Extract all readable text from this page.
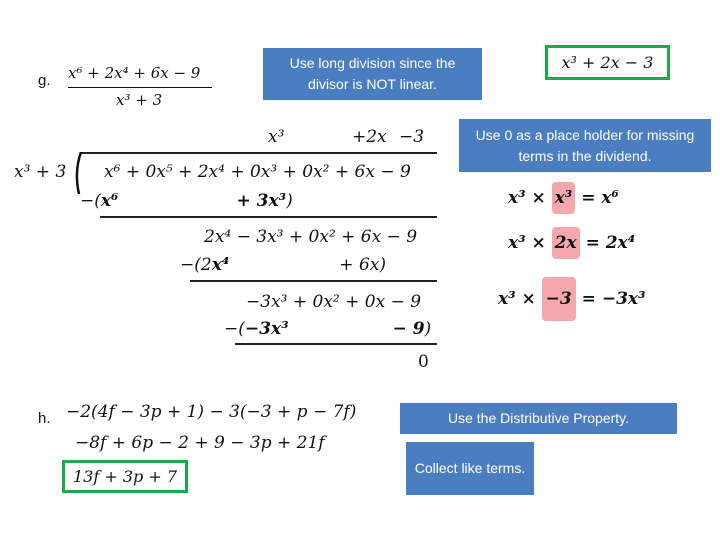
g. x⁶ + 2x⁴ + 6x − 9
x³ + 3
Use long division since the divisor is NOT linear.
x³ + 2x − 3
Use 0 as a place holder for missing terms in the dividend.
x³	+2x −3
x³ + 3 x⁶ + 0x⁵ + 2x⁴ + 0x³ + 0x² + 6x − 9
−(x⁶	+ 3x³)
2x⁴ − 3x³ + 0x² + 6x − 9
−(2x⁴	+ 6x)
−3x³ + 0x² + 0x − 9
−(−3x³	− 9)
0
x³ × x³ = x⁶
x³ × 2x = 2x⁴
x³ × −3 = −3x³
h. −2(4f − 3p + 1) − 3(−3 + p − 7f)
−8f + 6p − 2 + 9 − 3p + 21f
13f + 3p + 7
Use the Distributive Property.
Collect like terms.
